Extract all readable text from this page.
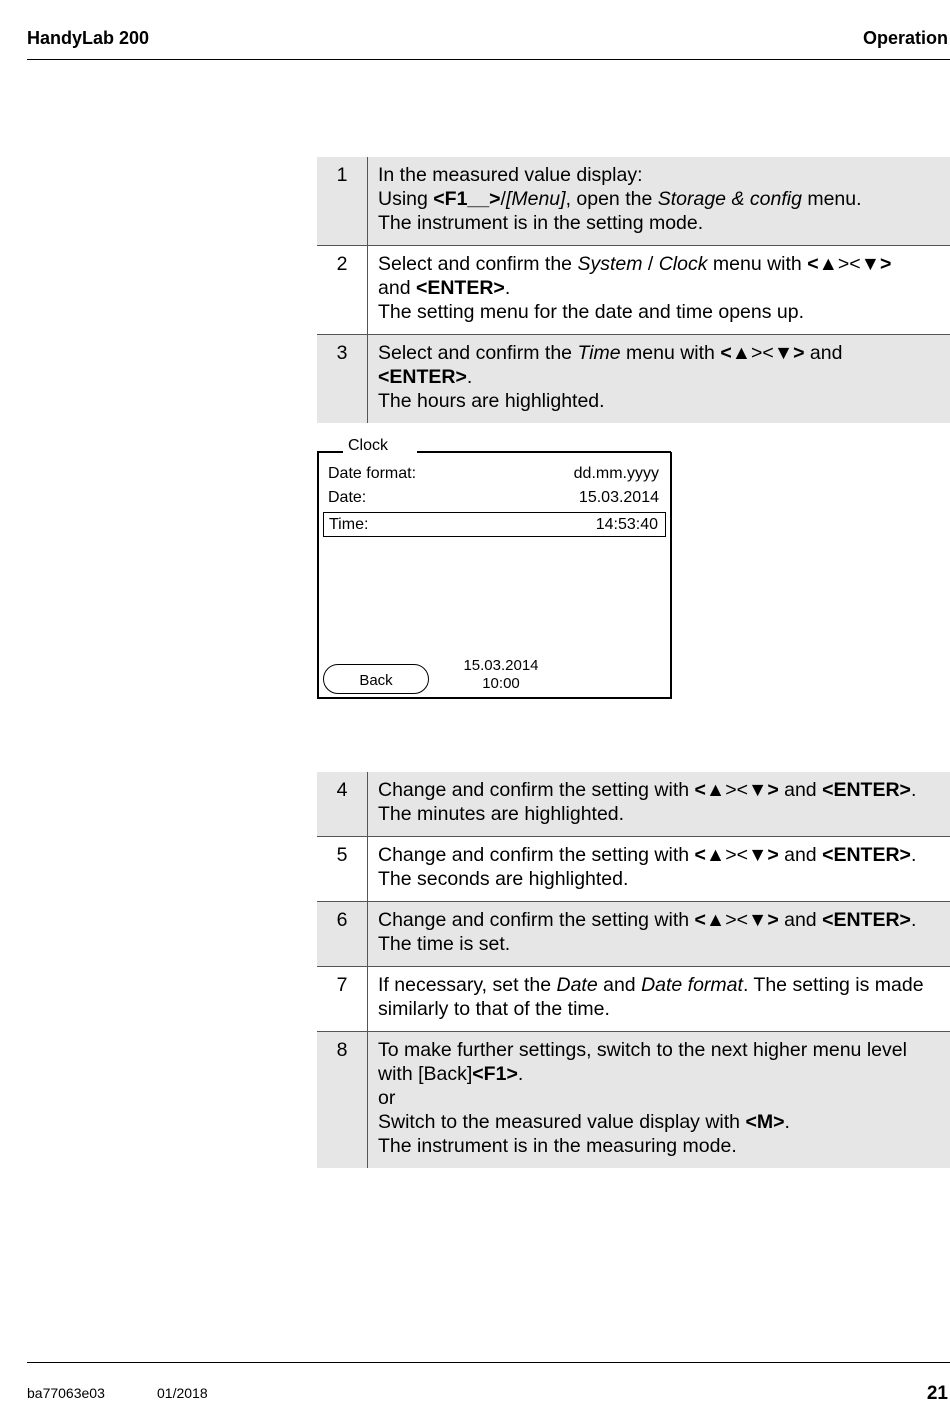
HandyLab 200	Operation
1	In the measured value display:
Using <F1__>/[Menu], open the Storage & config menu.
The instrument is in the setting mode.

2	Select and confirm the System / Clock menu with <▲><▼>
and <ENTER>.
The setting menu for the date and time opens up.

3	Select and confirm the Time menu with <▲><▼> and
<ENTER>.
The hours are highlighted.
Clock
Date format:	dd.mm.yyyy
Date:	15.03.2014
Time:	14:53:40
Back
15.03.2014
10:00
4	Change and confirm the setting with <▲><▼> and <ENTER>.
The minutes are highlighted.

5	Change and confirm the setting with <▲><▼> and <ENTER>.
The seconds are highlighted.

6	Change and confirm the setting with <▲><▼> and <ENTER>.
The time is set.

7	If necessary, set the Date and Date format. The setting is made
similarly to that of the time.

8	To make further settings, switch to the next higher menu level
with [Back]<F1>.
or
Switch to the measured value display with <M>.
The instrument is in the measuring mode.
ba77063e03	01/2018	21
